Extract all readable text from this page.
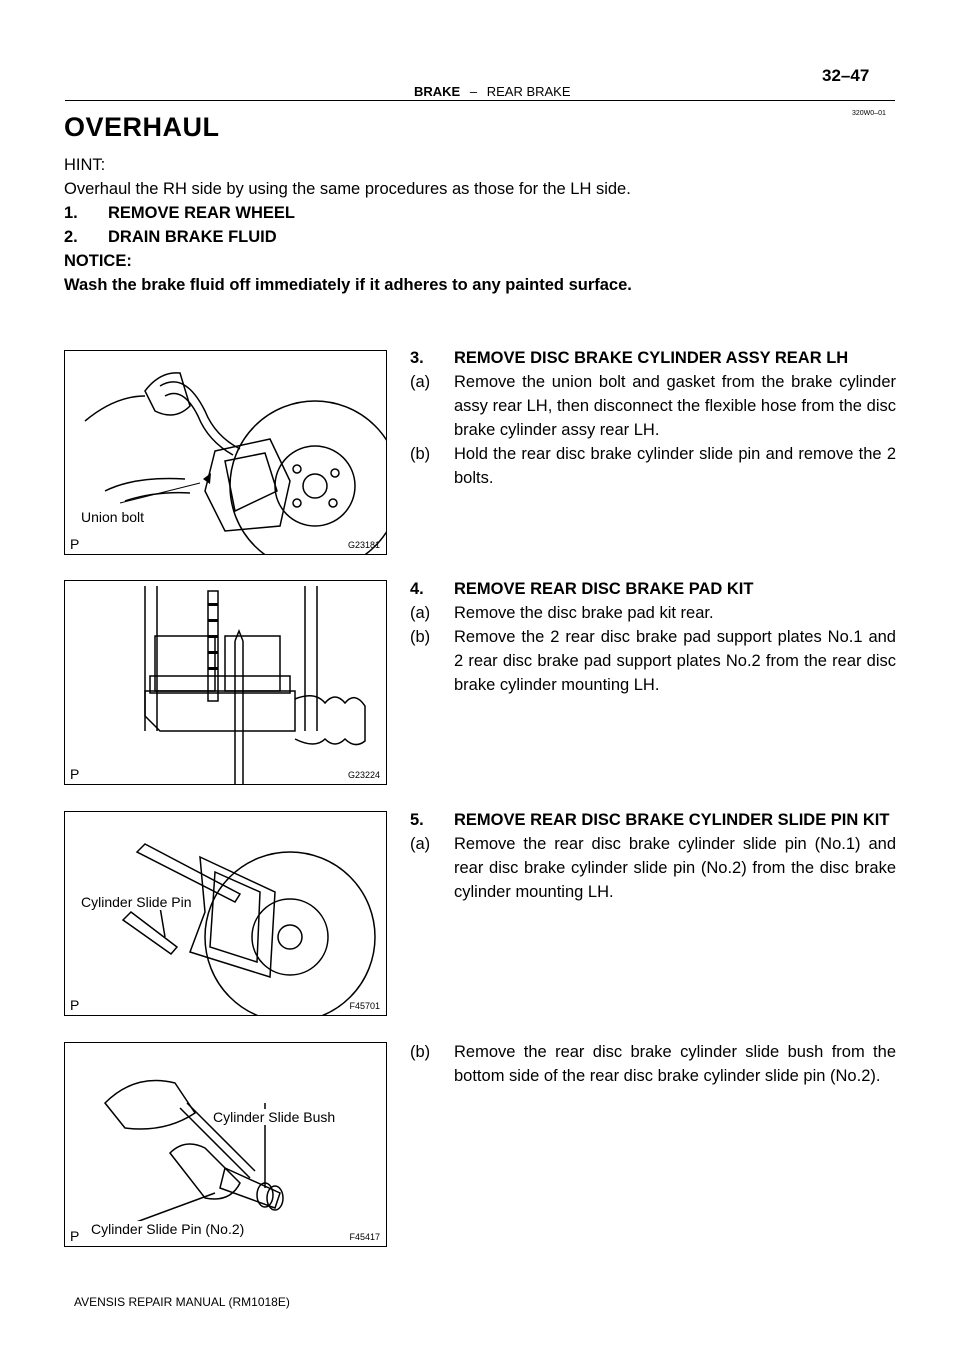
BRAKE – REAR BRAKE
32–47
320W0–01
OVERHAUL
HINT:
Overhaul the RH side by using the same procedures as those for the LH side.
1. REMOVE REAR WHEEL
2. DRAIN BRAKE FLUID
NOTICE:
Wash the brake fluid off immediately if it adheres to any painted surface.
3. REMOVE DISC BRAKE CYLINDER ASSY REAR LH
(a) Remove the union bolt and gasket from the brake cylinder assy rear LH, then disconnect the flexible hose from the disc brake cylinder assy rear LH.
(b) Hold the rear disc brake cylinder slide pin and remove the 2 bolts.
4. REMOVE REAR DISC BRAKE PAD KIT
(a) Remove the disc brake pad kit rear.
(b) Remove the 2 rear disc brake pad support plates No.1 and 2 rear disc brake pad support plates No.2 from the rear disc brake cylinder mounting LH.
5. REMOVE REAR DISC BRAKE CYLINDER SLIDE PIN KIT
(a) Remove the rear disc brake cylinder slide pin (No.1) and rear disc brake cylinder slide pin (No.2) from the disc brake cylinder mounting LH.
(b) Remove the rear disc brake cylinder slide bush from the bottom side of the rear disc brake cylinder slide pin (No.2).
Union bolt
P	G23181
P	G23224
Cylinder Slide Pin
P	F45701
Cylinder Slide Bush
Cylinder Slide Pin (No.2)
P	F45417
AVENSIS REPAIR MANUAL (RM1018E)
